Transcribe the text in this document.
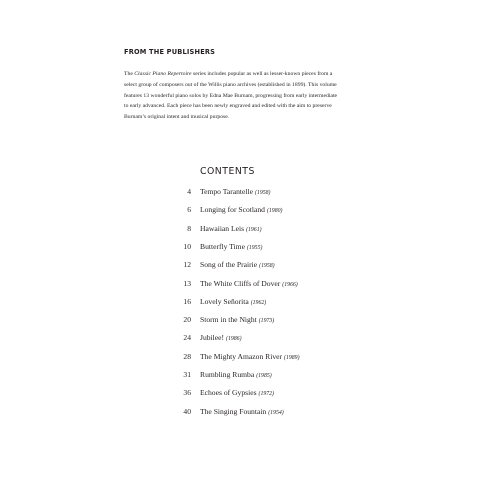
FROM THE PUBLISHERS
The Classic Piano Repertoire series includes popular as well as lesser-known pieces from a
select group of composers out of the Willis piano archives (established in 1899). This volume
features 13 wonderful piano solos by Edna Mae Burnam, progressing from early intermediate
to early advanced. Each piece has been newly engraved and edited with the aim to preserve
Burnam’s original intent and musical purpose.
CONTENTS
4 Tempo Tarantelle (1958)
6 Longing for Scotland (1980)
8 Hawaiian Leis (1961)
10 Butterfly Time (1955)
12 Song of the Prairie (1958)
13 The White Cliffs of Dover (1966)
16 Lovely Señorita (1962)
20 Storm in the Night (1973)
24 Jubilee! (1986)
28 The Mighty Amazon River (1989)
31 Rumbling Rumba (1985)
36 Echoes of Gypsies (1972)
40 The Singing Fountain (1954)
